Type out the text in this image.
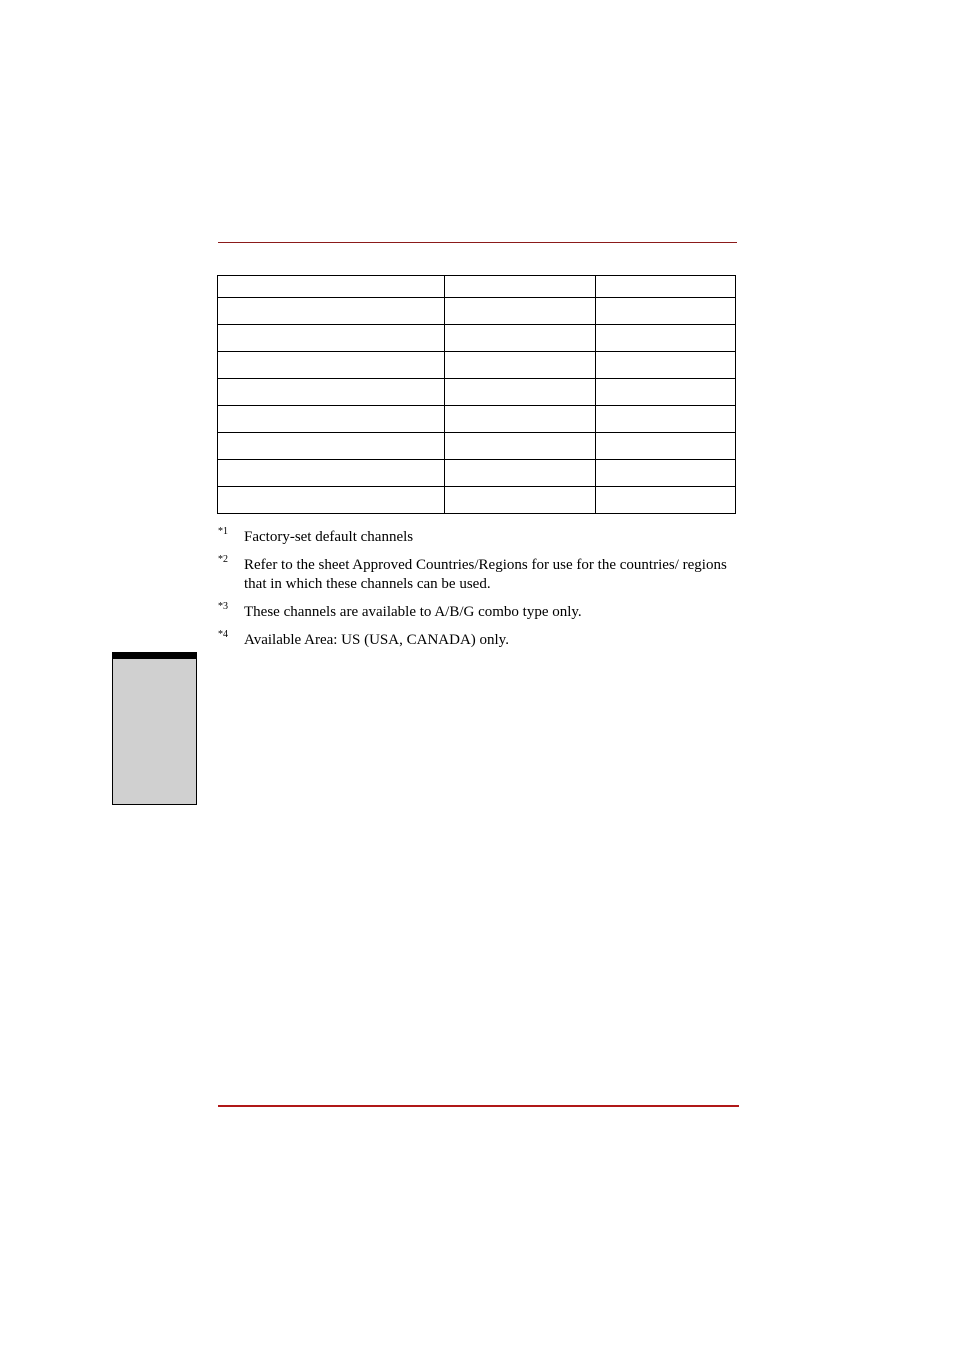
*1 Factory-set default channels
*2 Refer to the sheet Approved Countries/Regions for use for the countries/ regions that in which these channels can be used.
*3 These channels are available to A/B/G combo type only.
*4 Available Area: US (USA, CANADA) only.
